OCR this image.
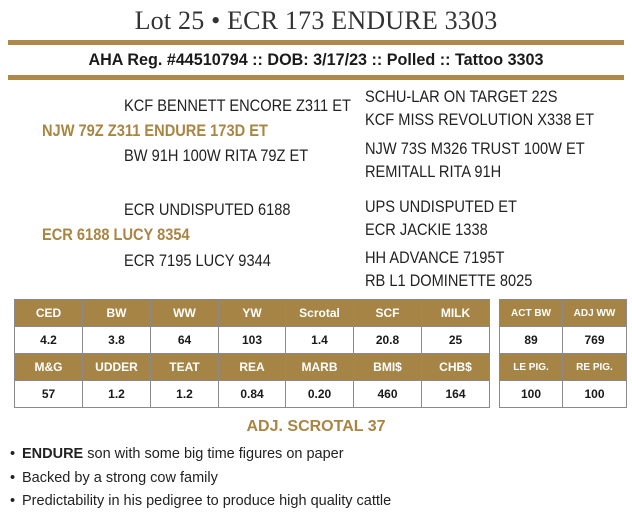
Lot 25 • ECR 173 ENDURE 3303
AHA Reg. #44510794 :: DOB: 3/17/23 :: Polled :: Tattoo 3303
KCF BENNETT ENCORE Z311 ET
NJW 79Z Z311 ENDURE 173D ET
BW 91H 100W RITA 79Z ET
SCHU-LAR ON TARGET 22S
KCF MISS REVOLUTION X338 ET
NJW 73S M326 TRUST 100W ET
REMITALL RITA 91H
ECR UNDISPUTED 6188
ECR 6188 LUCY 8354
ECR 7195 LUCY 9344
UPS UNDISPUTED ET
ECR JACKIE 1338
HH ADVANCE 7195T
RB L1 DOMINETTE 8025
CED	BW	WW	YW	Scrotal	SCF	MILK
4.2	3.8	64	103	1.4	20.8	25
M&G	UDDER	TEAT	REA	MARB	BMI$	CHB$
57	1.2	1.2	0.84	0.20	460	164
ACT BW	ADJ WW
89	769
LE PIG.	RE PIG.
100	100
ADJ. SCROTAL 37
• ENDURE son with some big time figures on paper
• Backed by a strong cow family
• Predictability in his pedigree to produce high quality cattle
